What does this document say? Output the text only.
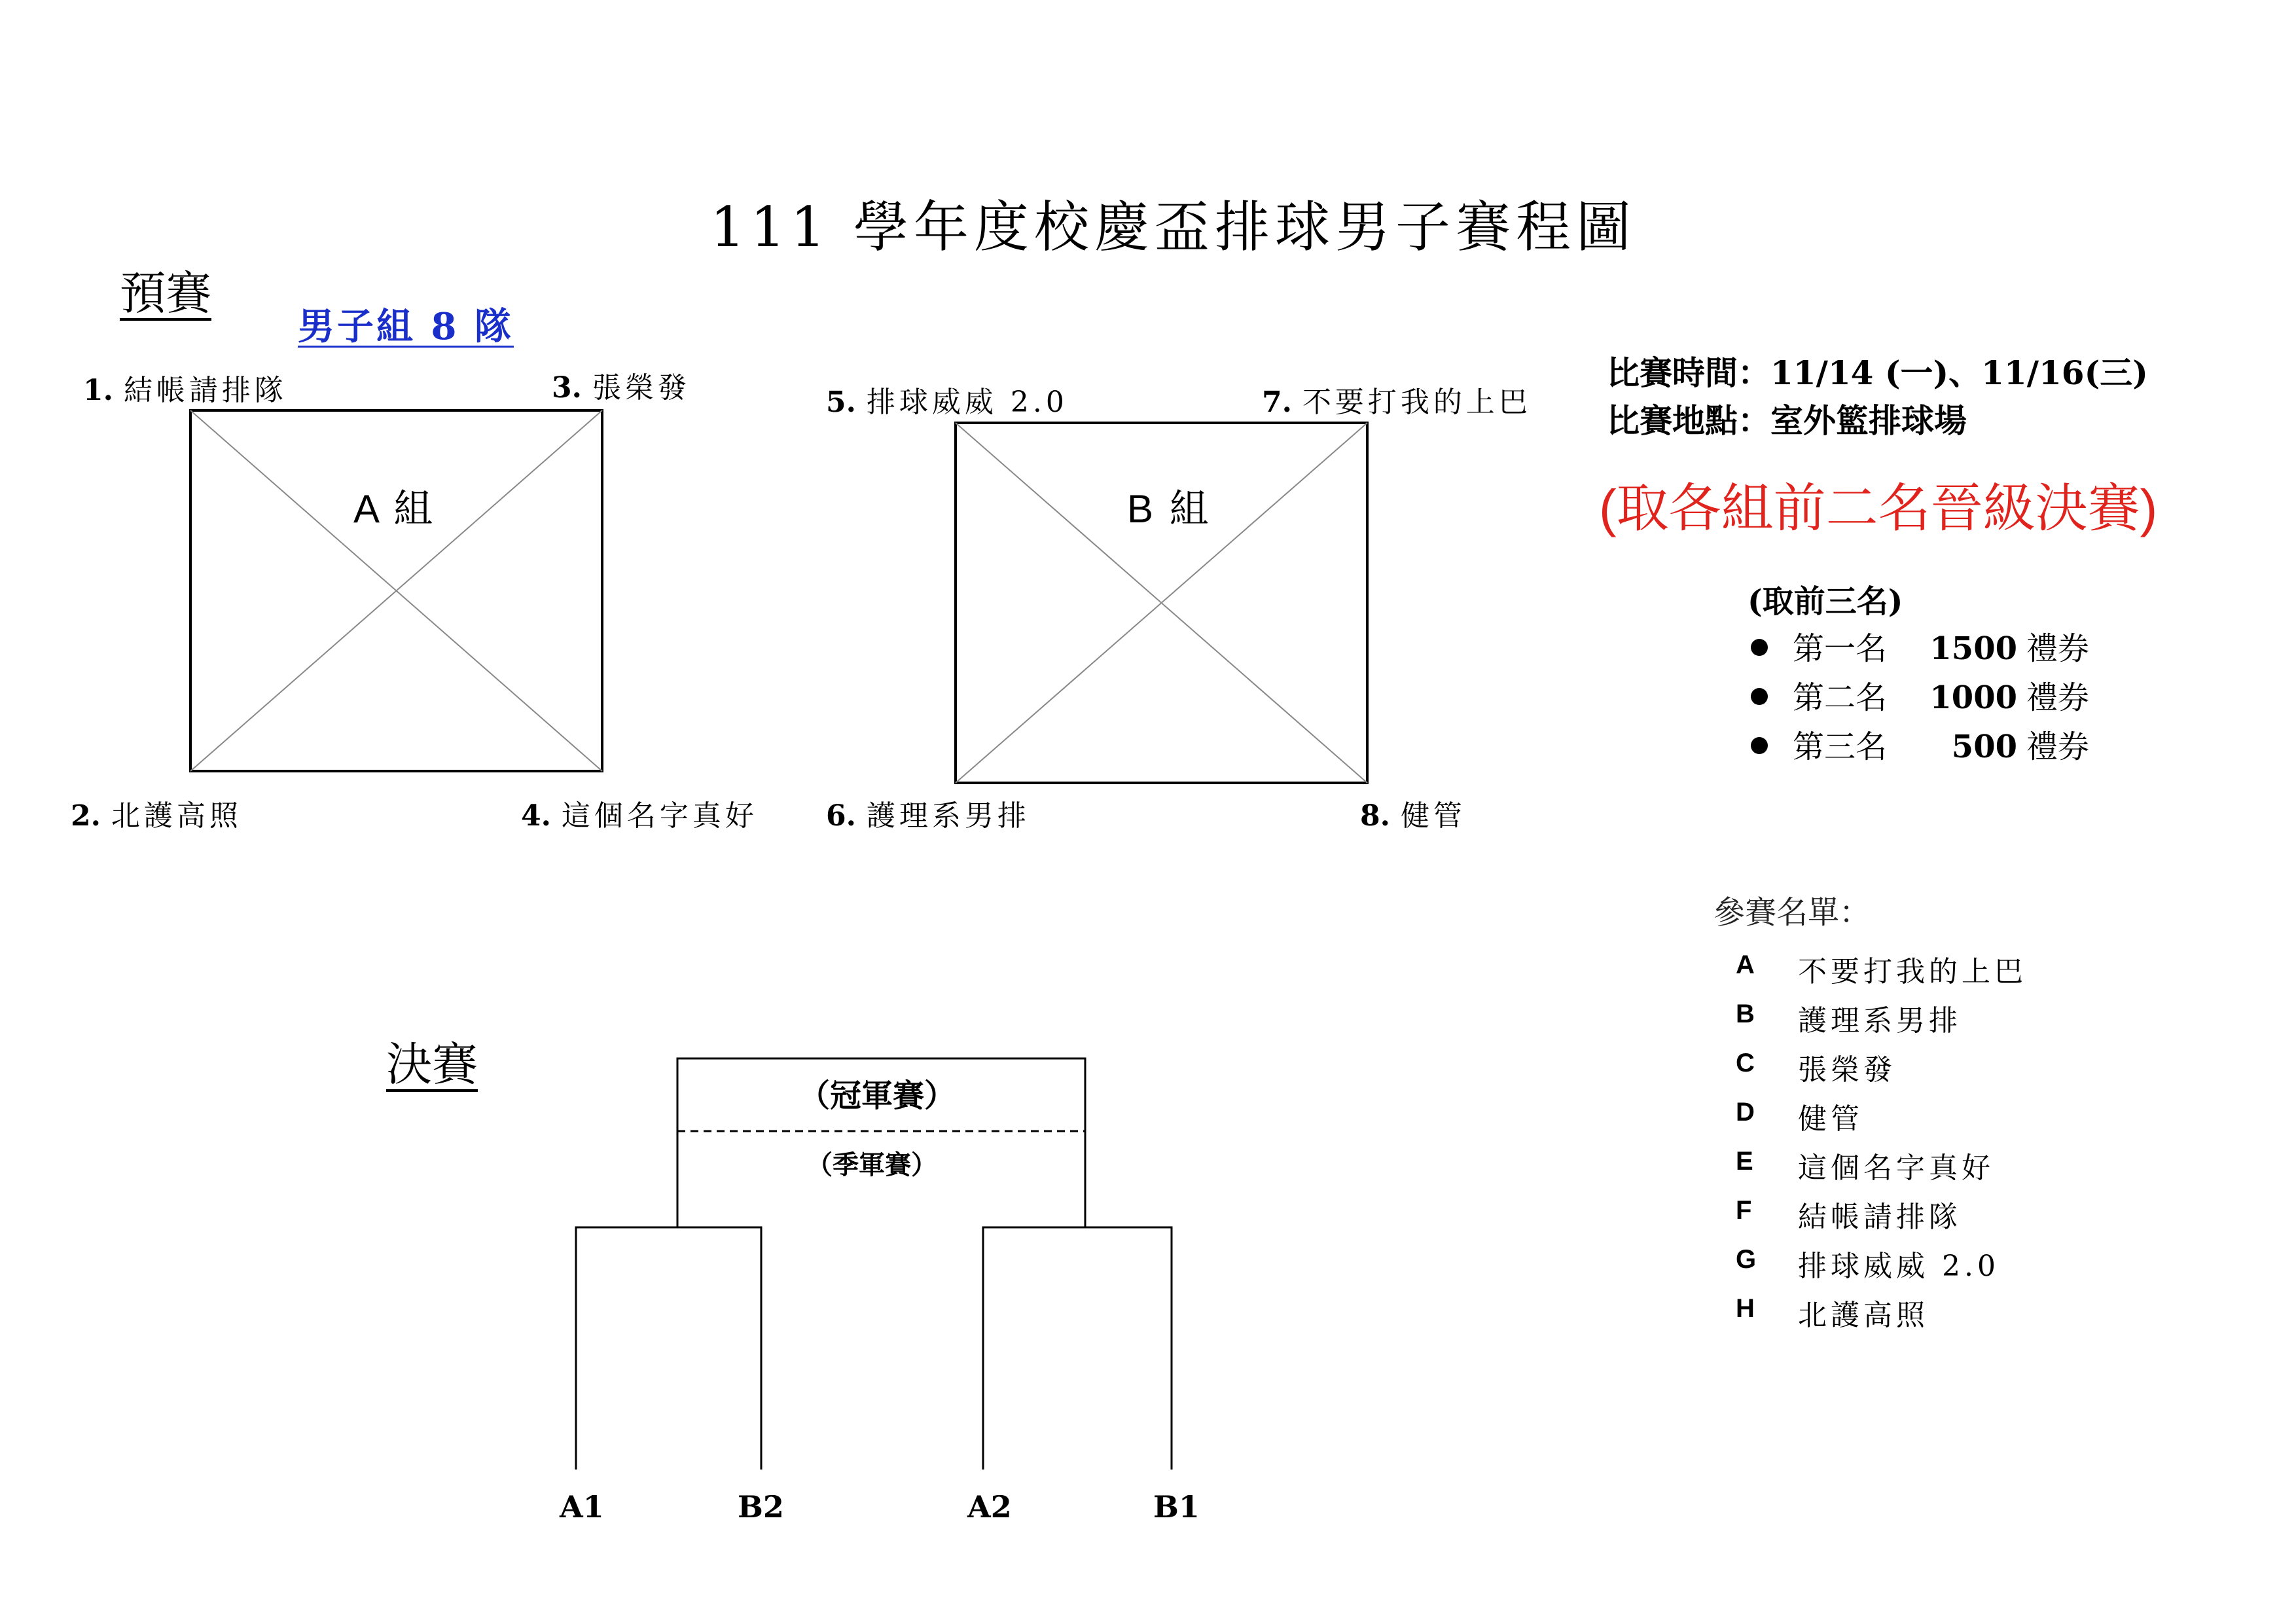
111 學年度校慶盃排球男子賽程圖
預賽
男子組 8 隊
A 組
1. 結帳請排隊	3. 張榮發
2. 北護高照	4. 這個名字真好
B 組
5. 排球威威 2.0	7. 不要打我的上巴
6. 護理系男排	8. 健管
比賽時間：11/14 (一)、11/16(三)
比賽地點：室外籃排球場
(取各組前二名晉級決賽)
(取前三名)
第一名 1500 禮券
第二名 1000 禮券
第三名 500 禮券
參賽名單：
A 不要打我的上巴
B 護理系男排
C 張榮發
D 健管
E 這個名字真好
F 結帳請排隊
G 排球威威 2.0
H 北護高照
決賽
（冠軍賽）
（季軍賽）
A1	B2	A2	B1
